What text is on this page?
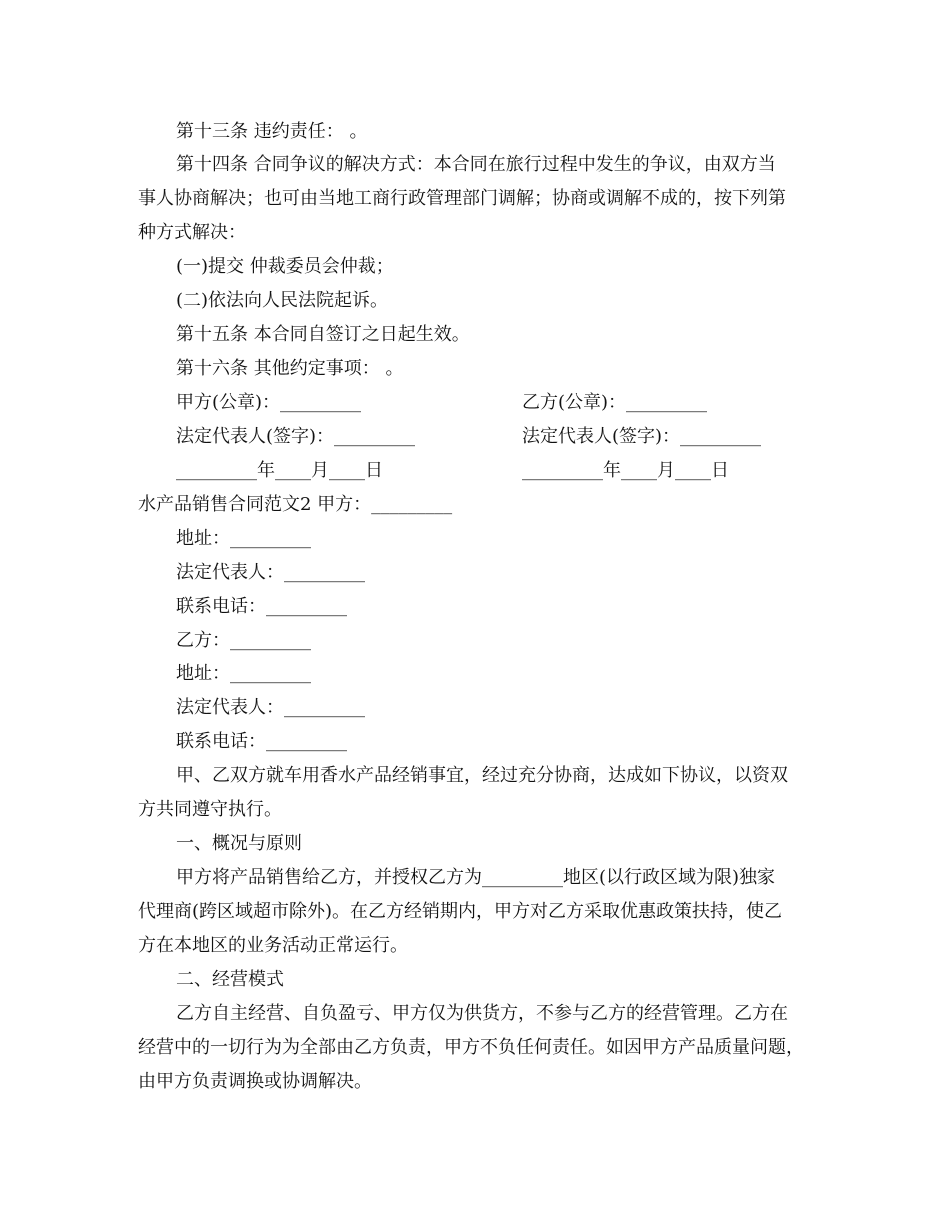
第十三条 违约责任： 。
第十四条 合同争议的解决方式：本合同在旅行过程中发生的争议，由双方当
事人协商解决；也可由当地工商行政管理部门调解；协商或调解不成的，按下列第
种方式解决：
(一)提交 仲裁委员会仲裁；
(二)依法向人民法院起诉。
第十五条 本合同自签订之日起生效。
第十六条 其他约定事项： 。
甲方(公章)：_________	乙方(公章)：_________
法定代表人(签字)：_________	法定代表人(签字)：_________
_________年____月____日	_________年____月____日
水产品销售合同范文2 甲方：_________
地址：_________
法定代表人：_________
联系电话：_________
乙方：_________
地址：_________
法定代表人：_________
联系电话：_________
甲、乙双方就车用香水产品经销事宜，经过充分协商，达成如下协议，以资双
方共同遵守执行。
一、概况与原则
甲方将产品销售给乙方，并授权乙方为_________地区(以行政区域为限)独家
代理商(跨区域超市除外)。在乙方经销期内，甲方对乙方采取优惠政策扶持，使乙
方在本地区的业务活动正常运行。
二、经营模式
乙方自主经营、自负盈亏、甲方仅为供货方，不参与乙方的经营管理。乙方在
经营中的一切行为为全部由乙方负责，甲方不负任何责任。如因甲方产品质量问题，
由甲方负责调换或协调解决。
